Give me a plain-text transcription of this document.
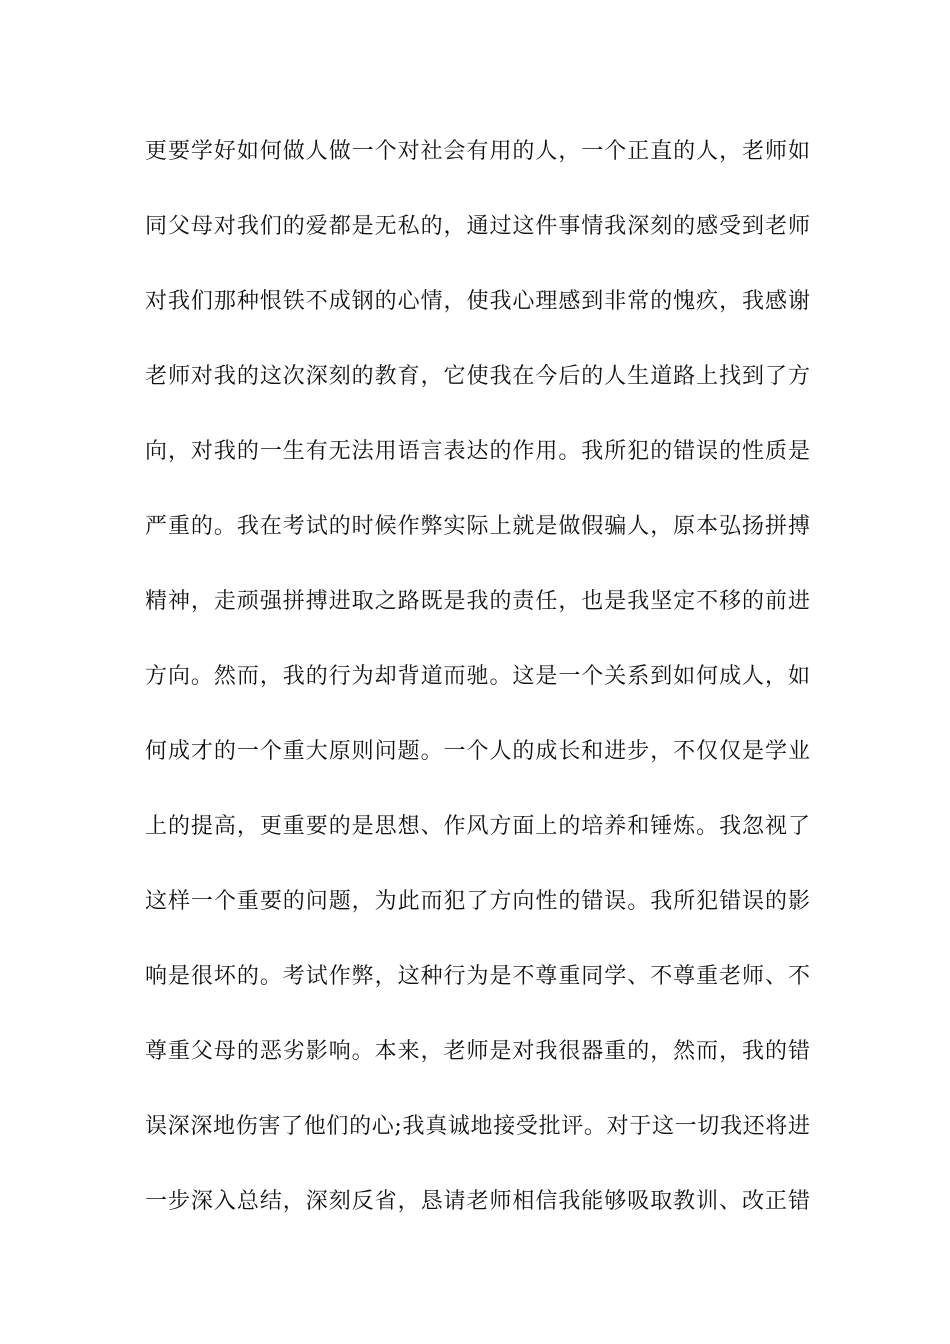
更要学好如何做人做一个对社会有用的人，一个正直的人，老师如
同父母对我们的爱都是无私的，通过这件事情我深刻的感受到老师
对我们那种恨铁不成钢的心情，使我心理感到非常的愧疚，我感谢
老师对我的这次深刻的教育，它使我在今后的人生道路上找到了方
向，对我的一生有无法用语言表达的作用。我所犯的错误的性质是
严重的。我在考试的时候作弊实际上就是做假骗人，原本弘扬拼搏
精神，走顽强拼搏进取之路既是我的责任，也是我坚定不移的前进
方向。然而，我的行为却背道而驰。这是一个关系到如何成人，如
何成才的一个重大原则问题。一个人的成长和进步，不仅仅是学业
上的提高，更重要的是思想、作风方面上的培养和锤炼。我忽视了
这样一个重要的问题，为此而犯了方向性的错误。我所犯错误的影
响是很坏的。考试作弊，这种行为是不尊重同学、不尊重老师、不
尊重父母的恶劣影响。本来，老师是对我很器重的，然而，我的错
误深深地伤害了他们的心;我真诚地接受批评。对于这一切我还将进
一步深入总结，深刻反省，恳请老师相信我能够吸取教训、改正错
